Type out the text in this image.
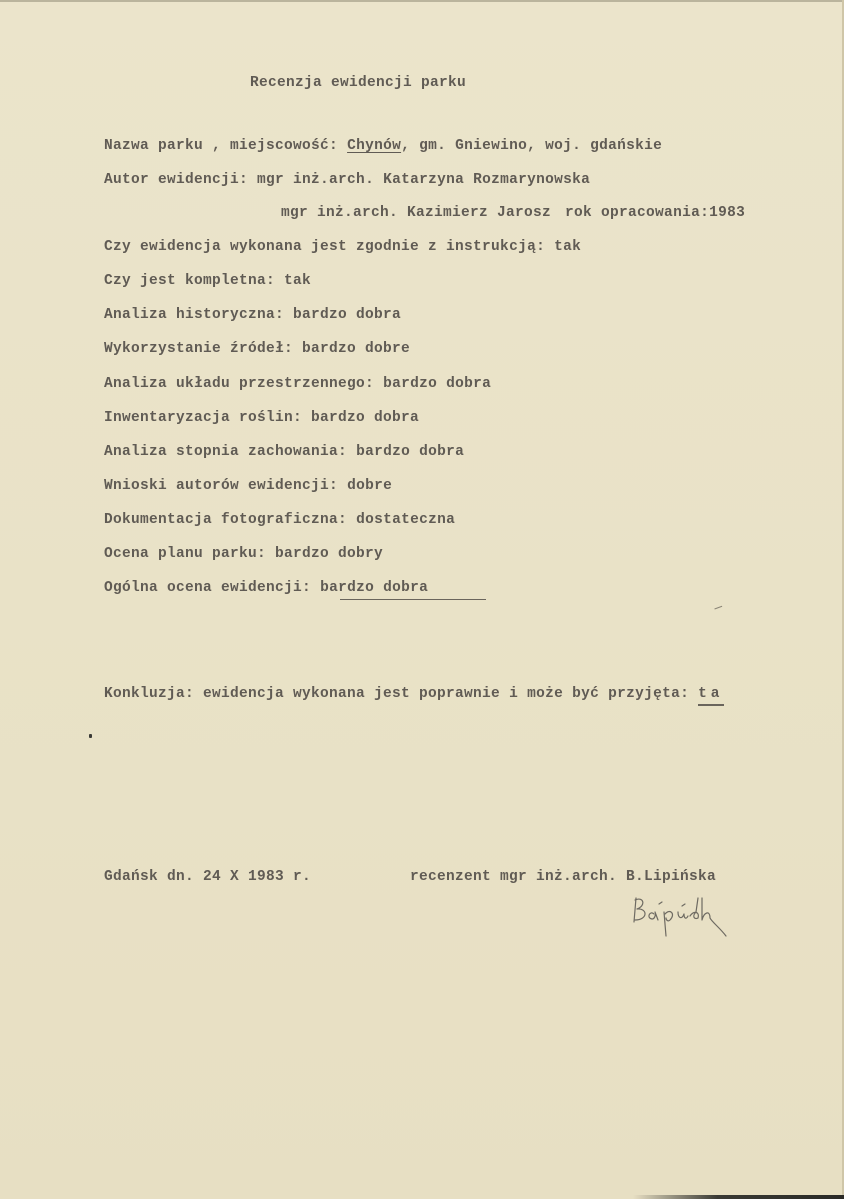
Recenzja ewidencji parku
Nazwa parku , miejscowość: Chynów, gm. Gniewino, woj. gdańskie
Autor ewidencji: mgr inż.arch. Katarzyna Rozmarynowska
mgr inż.arch. Kazimierz Jarosz rok opracowania:1983
Czy ewidencja wykonana jest zgodnie z instrukcją: tak
Czy jest kompletna: tak
Analiza historyczna: bardzo dobra
Wykorzystanie źródeł: bardzo dobre
Analiza układu przestrzennego: bardzo dobra
Inwentaryzacja roślin: bardzo dobra
Analiza stopnia zachowania: bardzo dobra
Wnioski autorów ewidencji: dobre
Dokumentacja fotograficzna: dostateczna
Ocena planu parku: bardzo dobry
Ogólna ocena ewidencji: bardzo dobra
Konkluzja: ewidencja wykonana jest poprawnie i może być przyjęta: ta
Gdańsk dn. 24 X 1983 r.	recenzent mgr inż.arch. B.Lipińska
